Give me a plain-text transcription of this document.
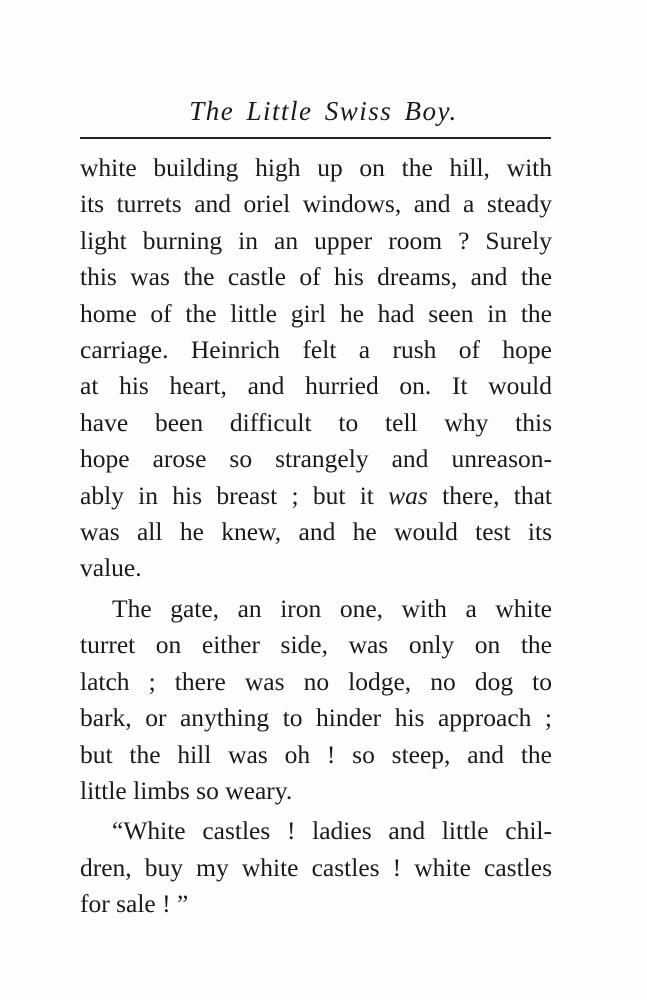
The Little Swiss Boy.

white building high up on the hill, with
its turrets and oriel windows, and a steady
light burning in an upper room ? Surely
this was the castle of his dreams, and the
home of the little girl he had seen in the
carriage. Heinrich felt a rush of hope
at his heart, and hurried on. It would
have been difficult to tell why this
hope arose so strangely and unreason-
ably in his breast ; but it was there, that
was all he knew, and he would test its
value.

The gate, an iron one, with a white
turret on either side, was only on the
latch ; there was no lodge, no dog to
bark, or anything to hinder his approach ;
but the hill was oh ! so steep, and the
little limbs so weary.

“White castles ! ladies and little chil-
dren, buy my white castles ! white castles
for sale ! ”
